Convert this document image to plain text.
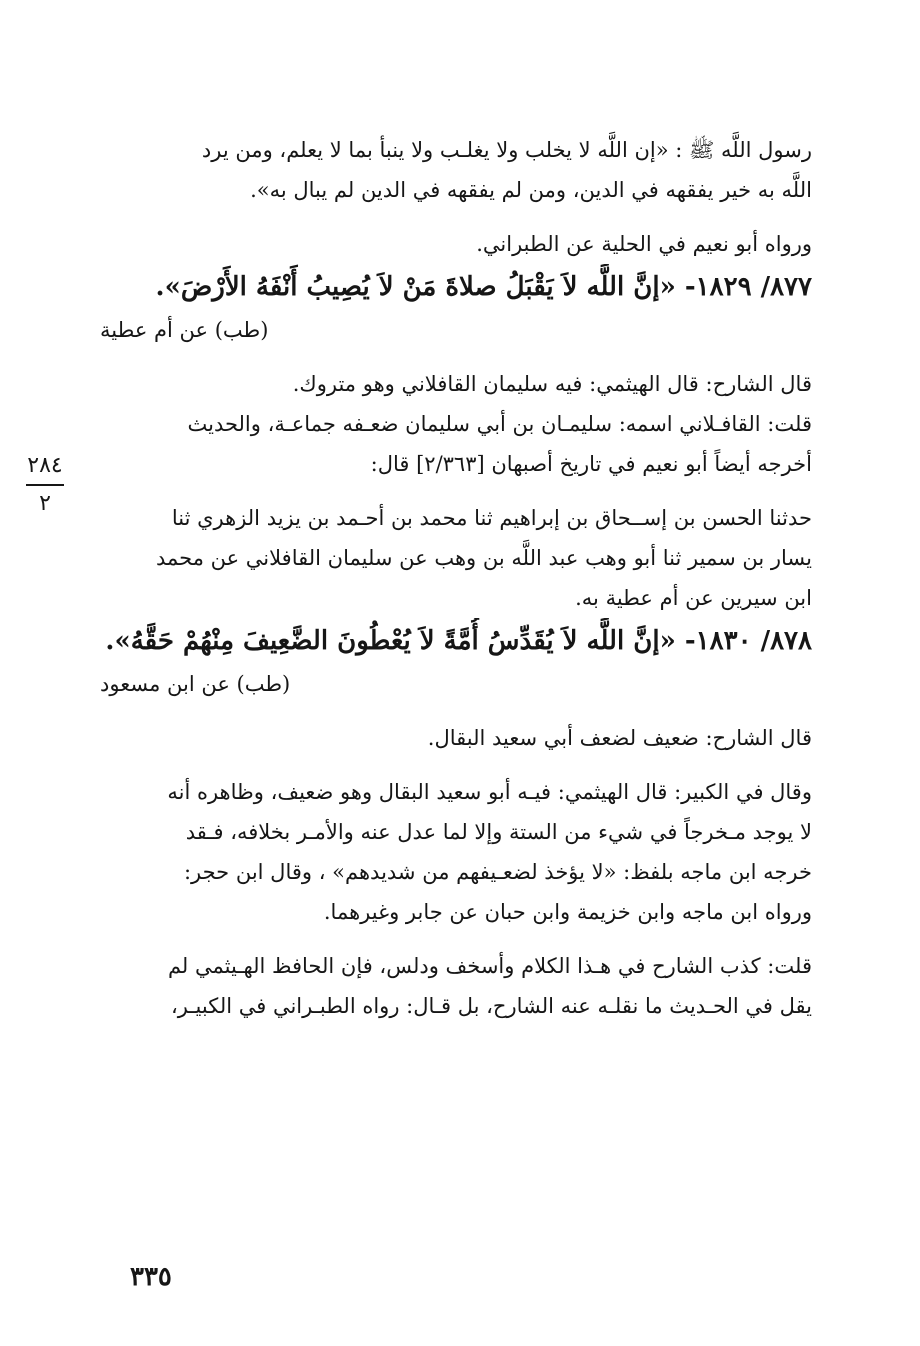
رسول اللَّه ﷺ : «إن اللَّه لا يخلب ولا يغلـب ولا ينبأ بما لا يعلم، ومن يرد
اللَّه به خير يفقهه في الدين، ومن لم يفقهه في الدين لم يبال به».
ورواه أبو نعيم في الحلية عن الطبراني.
٨٧٧/ ١٨٢٩- «إنَّ اللَّه لاَ يَقْبَلُ صلاةَ مَنْ لاَ يُصِيبُ أَنْفَهُ الأَرْضَ».
(طب) عن أم عطية
قال الشارح: قال الهيثمي: فيه سليمان القافلاني وهو متروك.
قلت: القافـلاني اسمه: سليمـان بن أبي سليمان ضعـفه جماعـة، والحديث
أخرجه أيضاً أبو نعيم في تاريخ أصبهان [٢/٣٦٣] قال:
حدثنا الحسن بن إســحاق بن إبراهيم ثنا محمد بن أحـمد بن يزيد الزهري ثنا
يسار بن سمير ثنا أبو وهب عبد اللَّه بن وهب عن سليمان القافلاني عن محمد
ابن سيرين عن أم عطية به.
٨٧٨/ ١٨٣٠- «إنَّ اللَّه لاَ يُقَدِّسُ أُمَّةً لاَ يُعْطُونَ الضَّعِيفَ مِنْهُمْ حَقَّهُ».
(طب) عن ابن مسعود
قال الشارح: ضعيف لضعف أبي سعيد البقال.
وقال في الكبير: قال الهيثمي: فيـه أبو سعيد البقال وهو ضعيف، وظاهره أنه
لا يوجد مـخرجاً في شيء من الستة وإلا لما عدل عنه والأمـر بخلافه، فـقد
خرجه ابن ماجه بلفظ: «لا يؤخذ لضعـيفهم من شديدهم» ، وقال ابن حجر:
ورواه ابن ماجه وابن خزيمة وابن حبان عن جابر وغيرهما.
قلت: كذب الشارح في هـذا الكلام وأسخف ودلس، فإن الحافظ الهـيثمي لم
يقل في الحـديث ما نقلـه عنه الشارح، بل قـال: رواه الطبـراني في الكبيـر،
٢٨٤
٢
٣٣٥
